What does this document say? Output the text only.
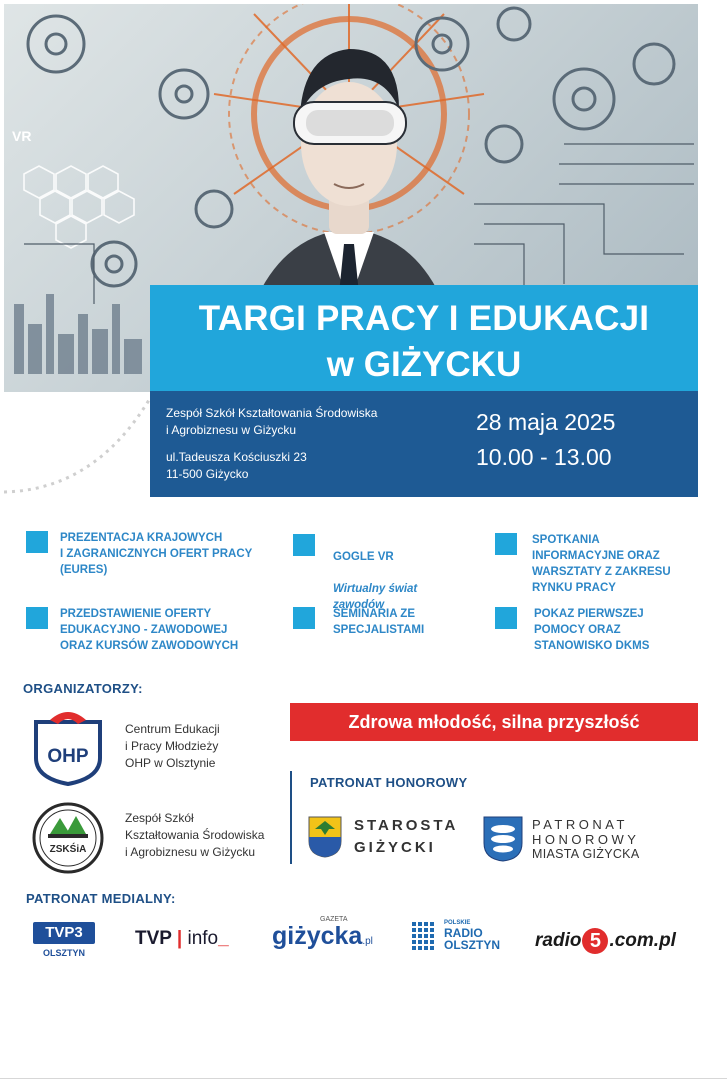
VR
TARGI PRACY I EDUKACJI
w GIŻYCKU
Zespół Szkół Kształtowania Środowiska
i Agrobiznesu w Giżycku
ul.Tadeusza Kościuszki 23
11-500 Giżycko
28 maja 2025
10.00 - 13.00
PREZENTACJA KRAJOWYCH
I ZAGRANICZNYCH OFERT PRACY
(EURES)

GOGLE VR

Wirtualny świat
zawodów

SPOTKANIA
INFORMACYJNE ORAZ
WARSZTATY Z ZAKRESU
RYNKU PRACY
PRZEDSTAWIENIE OFERTY
EDUKACYJNO - ZAWODOWEJ
ORAZ KURSÓW ZAWODOWYCH
SEMINARIA ZE
SPECJALISTAMI
POKAZ PIERWSZEJ
POMOCY ORAZ
STANOWISKO DKMS
ORGANIZATORZY:
OHP
Centrum Edukacji
i Pracy Młodzieży
OHP w Olsztynie
ZSKŚiA
Zespół Szkół
Kształtowania Środowiska
i Agrobiznesu w Giżycku
Zdrowa młodość, silna przyszłość
PATRONAT HONOROWY
STAROSTA
GIŻYCKI
PATRONAT
HONOROWY
MIASTA GIŻYCKA
PATRONAT MEDIALNY:
TVP3
OLSZTYN
TVP | info_
GAZETA
giżycka.pl
POLSKIE
RADIO
OLSZTYN radio 5 .com.pl
